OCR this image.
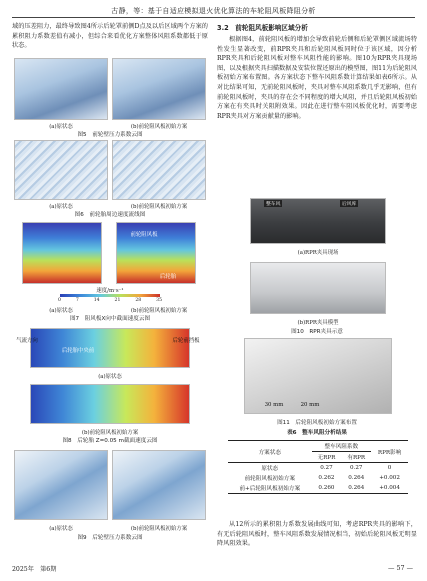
古静，等：基于自适应模拟退火优化算法的车轮阻风板降阻分析

域的压差阻力，最终导致图4所示后轮罩前侧D点及以后区域两个方案的累积阻力系数差值有减小，但综合来看优化方案整体风阻系数都低于原状态。

(a)原状态	(b)前轮阻风板初始方案
图5　前轮壁压力系数云图
(a)原状态	(b)前轮阻风板初始方案
图6　前轮胎周边速度流线图
前轮阻风板
后轮胎
速度/m·s⁻¹
0	7	14	21	28	35
(a)原状态	(b)前轮阻风板初始方案
图7　阻风板X向中截面速度云图
气流方向
后轮胎中央前
后轮前挡板
(a)原状态
(b)前轮阻风板初始方案
图8　后轮胎 Z=0.05 m截面速度云图
(a)原状态	(b)前轮阻风板初始方案
图9　后轮壁压力系数云图
3.2　前轮阻风板影响区域分析

根据图4，前轮阻风板的增加会导致前轮后侧和后轮罩侧区域流场特性发生显著改变，前RPR夹具和后轮阻风板同时位于该区域，因分析RPR夹具和后轮阻风板对整车风阻性能的影响。图10为RPR夹具现场图，以及根据夹具扫描数据及安装位置还原出的模型图，图11为后轮阻风板初始方案布置图。各方案状态下整车风阻系数计算结果如表6所示。从对比结果可知，无前轮阻风板时，夹具对整车风阻系数几乎无影响，但有前轮阻风板时，夹具的存在会不同程度的增大风阻，并且后轮阻风板初始方案在有夹具时关阻附效果。因此在进行整车阻风板优化时，需要考虑RPR夹具对方案贡献量的影响。

整车风	后风库
(a)RPR夹具现场
(b)RPR夹具模型
图10　RPR夹具示意
30 mm	20 mm
图11　后轮阻风板初始方案布置
表6　整车风阻分析结果
方案状态	整车风阻系数		RPR影响
	无RPR	有RPR	
原状态	0.27	0.27	0
前轮阻风板初始方案	0.262	0.264	+0.002
前+后轮阻风板初始方案	0.260	0.264	+0.004
从12所示的累积阻力系数发展曲线可知，考虑RPR夹具的影响下，有无后轮阻风板时，整车风阻系数发展情况相当，初始后轮阻风板无明显降风阻效果。
2025年　第6期	— 57 —
